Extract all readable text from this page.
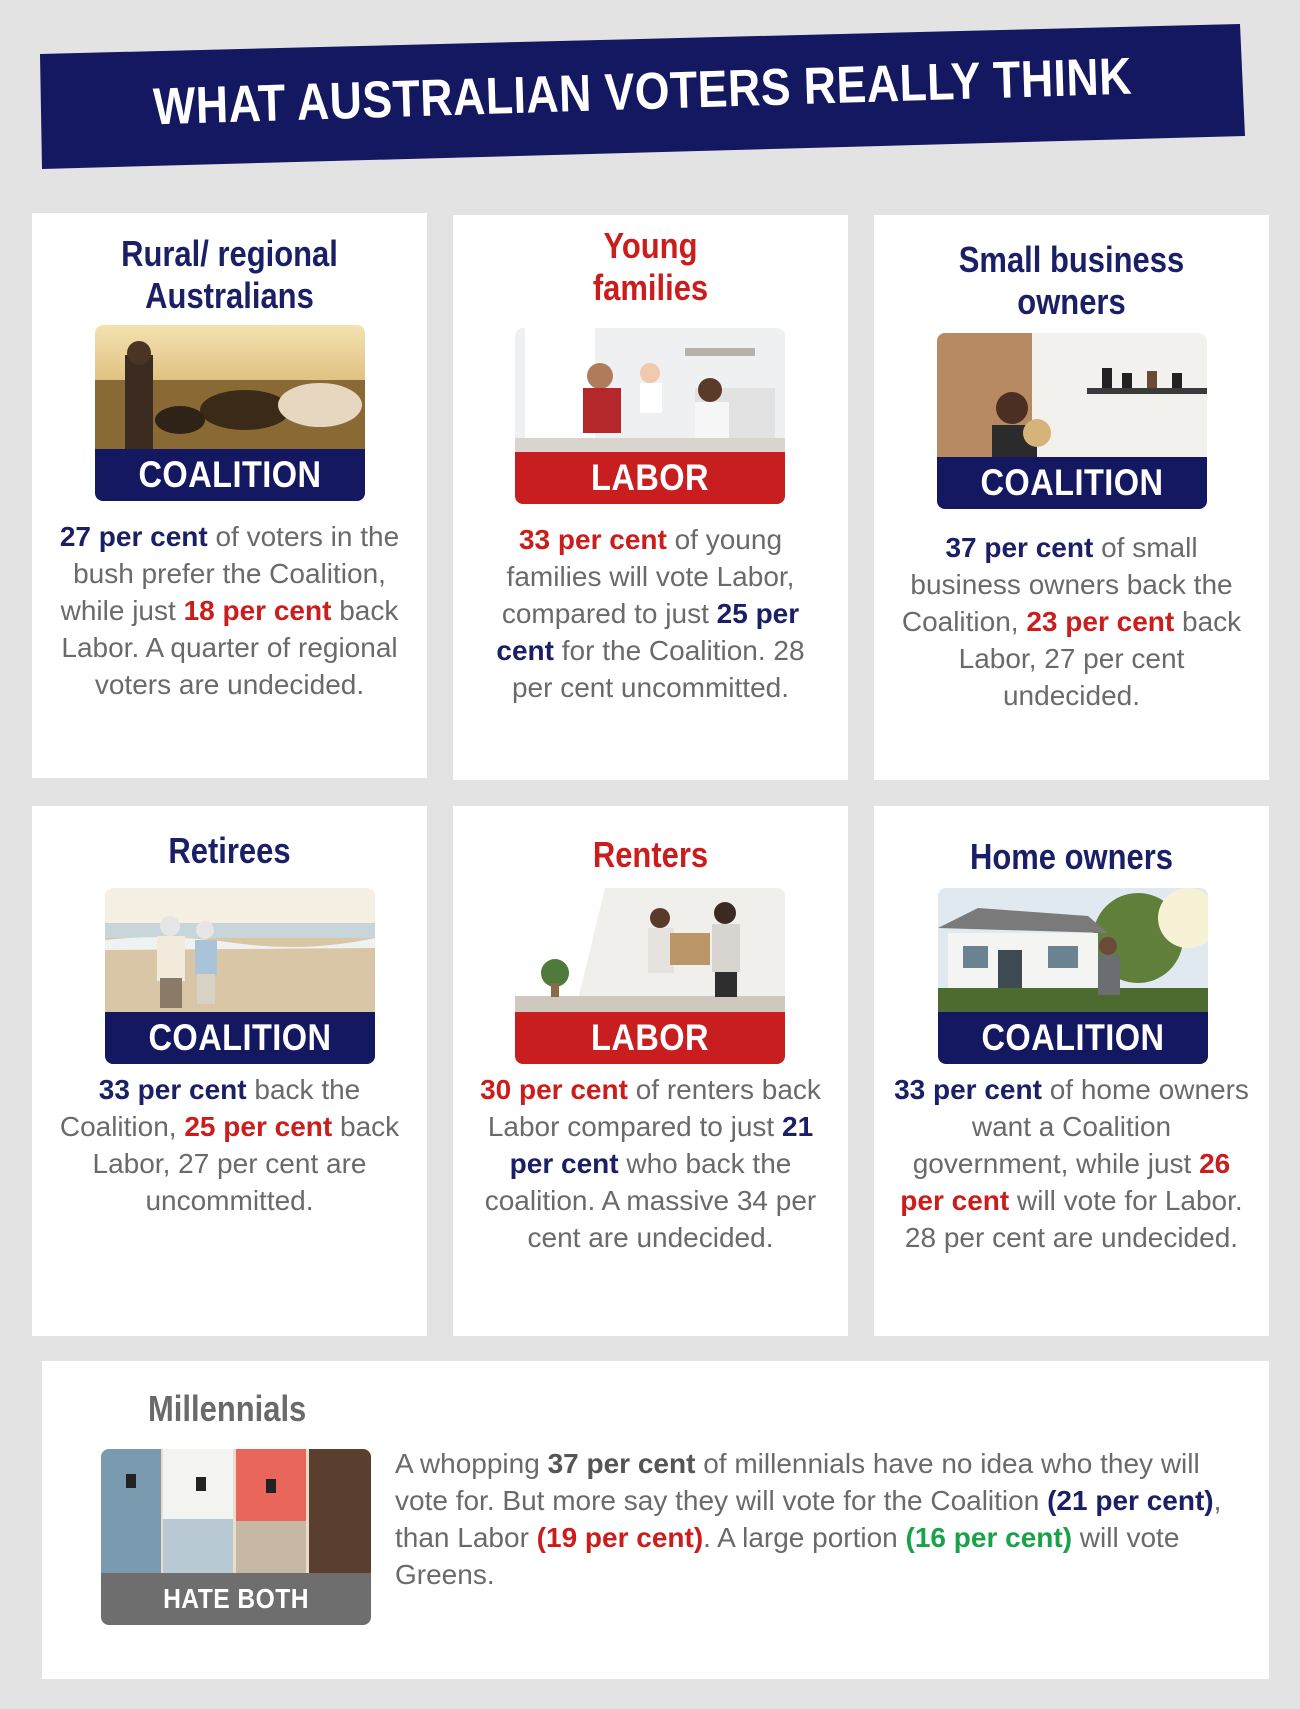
WHAT AUSTRALIAN VOTERS REALLY THINK
Rural/ regional
Australians
COALITION
27 per cent of voters in the bush prefer the Coalition, while just 18 per cent back Labor. A quarter of regional voters are undecided.
Young
families
LABOR
33 per cent of young families will vote Labor, compared to just 25 per cent for the Coalition. 28 per cent uncommitted.
Small business
owners
COALITION
37 per cent of small business owners back the Coalition, 23 per cent back Labor, 27 per cent undecided.
Retirees
COALITION
33 per cent back the Coalition, 25 per cent back Labor, 27 per cent are uncommitted.
Renters
LABOR
30 per cent of renters back Labor compared to just 21 per cent who back the coalition. A massive 34 per cent are undecided.
Home owners
COALITION
33 per cent of home owners want a Coalition government, while just 26 per cent will vote for Labor. 28 per cent are undecided.
Millennials
HATE BOTH PARTIES
A whopping 37 per cent of millennials have no idea who they will vote for. But more say they will vote for the Coalition (21 per cent), than Labor (19 per cent). A large portion (16 per cent) will vote Greens.
